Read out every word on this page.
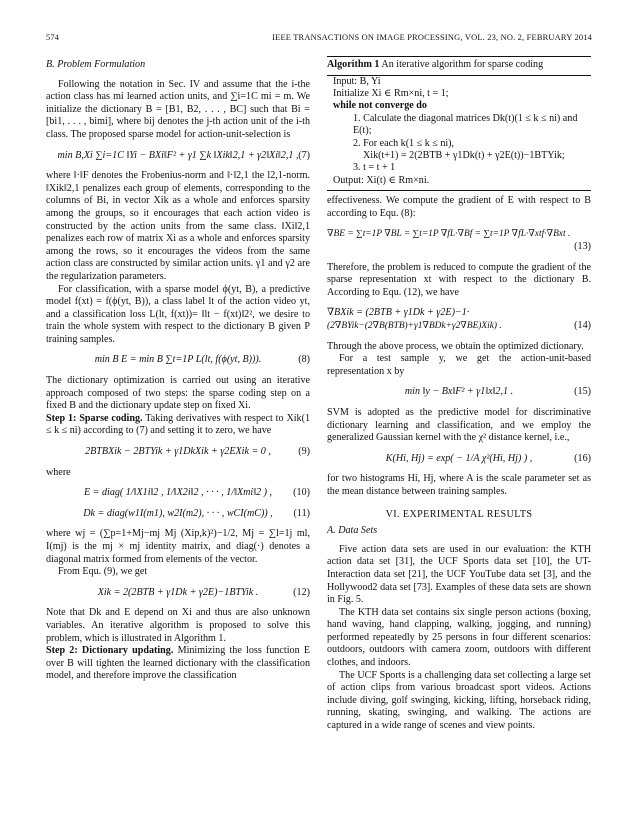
574	IEEE TRANSACTIONS ON IMAGE PROCESSING, VOL. 23, NO. 2, FEBRUARY 2014
B. Problem Formulation

Following the notation in Sec. IV and assume that the i-the action class has mi learned action units, and ∑i=1C mi = m. We initialize the dictionary B = [B1, B2, . . . , BC] such that Bi = [bi1, . . . , bimi], where bij denotes the j-th action unit of the i-th class. The proposed sparse model for action-unit-selection is

min B,Xi ∑i=1C ‖Yi − BXi‖F² + γ1 ∑k ‖Xik‖2,1 + γ2‖Xi‖2,1 , (7)

where ‖·‖F denotes the Frobenius-norm and ‖·‖2,1 the l2,1-norm. ‖Xik‖2,1 penalizes each group of elements, corresponding to the columns of Bi, in vector Xik as a whole and enforces sparsity among the groups, so it encourages that each action video is constructed by the action units from the same class. ‖Xi‖2,1 penalizes each row of matrix Xi as a whole and enforces sparsity among the rows, so it encourages the videos from the same action class are constructed by similar action units. γ1 and γ2 are the regularization parameters.

For classification, with a sparse model ϕ(yt, B), a predictive model f(xt) = f(ϕ(yt, B)), a class label lt of the action video yt, and a classification loss L(lt, f(xt))= ‖lt − f(xt)‖2², we desire to train the whole system with respect to the dictionary B given P training samples.

min B E = min B ∑t=1P L(lt, f(ϕ(yt, B))).	(8)

The dictionary optimization is carried out using an iterative approach composed of two steps: the sparse coding step on a fixed B and the dictionary update step on fixed Xi.

Step 1: Sparse coding. Taking derivatives with respect to Xik(1 ≤ k ≤ ni) according to (7) and setting it to zero, we have

2BTBXik − 2BTYik + γ1DkXik + γ2EXik = 0 ,	(9)

where

E = diag( 1/‖X1i‖2 , 1/‖X2i‖2 , · · · , 1/‖Xmi‖2 ) , (10)
Dk = diag(w1I(m1), w2I(m2), · · · , wCI(mC)) , (11)

where wj = (∑p=1+Mj−mj Mj (Xip,k)²)−1/2, Mj = ∑l=1j ml, I(mj) is the mj × mj identity matrix, and diag(·) denotes a diagonal matrix formed from elements of the vector.

From Equ. (9), we get

Xik = 2(2BTB + γ1Dk + γ2E)−1BTYik .	(12)

Note that Dk and E depend on Xi and thus are also unknown variables. An iterative algorithm is proposed to solve this problem, which is illustrated in Algorithm 1.

Step 2: Dictionary updating. Minimizing the loss function E over B will tighten the learned dictionary with the classification model, and therefore improve the classification

Algorithm 1 An iterative algorithm for sparse coding
Input: B, Yi
Initialize Xi ∈ Rm×ni, t = 1;
while not converge do
1. Calculate the diagonal matrices Dk(t)(1 ≤ k ≤ ni) and
E(t);
2. For each k(1 ≤ k ≤ ni),
Xik(t+1) = 2(2BTB + γ1Dk(t) + γ2E(t))−1BTYik;
3. t = t + 1
Output: Xi(t) ∈ Rm×ni.

effectiveness. We compute the gradient of E with respect to B according to Equ. (8):

∇BE = ∑t=1P ∇BL = ∑t=1P ∇fL·∇Bf = ∑t=1P ∇fL·∇xtf·∇Bxt .
(13)

Therefore, the problem is reduced to compute the gradient of the sparse representation xt with respect to the dictionary B. According to Equ. (12), we have

∇BXik = (2BTB + γ1Dk + γ2E)−1·
(2∇BYik−(2∇B(BTB)+γ1∇BDk+γ2∇BE)Xik) .	(14)

Through the above process, we obtain the optimized dictionary.

For a test sample y, we get the action-unit-based representation x by

min ‖y − Bx‖F² + γ1‖x‖2,1 .	(15)

SVM is adopted as the predictive model for discriminative dictionary learning and classification, and we employ the generalized Gaussian kernel with the χ² distance kernel, i.e.,

K(Hi, Hj) = exp( − 1/A χ²(Hi, Hj) ) ,	(16)

for two histograms Hi, Hj, where A is the scale parameter set as the mean distance between training samples.

VI. EXPERIMENTAL RESULTS
A. Data Sets

Five action data sets are used in our evaluation: the KTH action data set [31], the UCF Sports data set [10], the UT-Interaction data set [21], the UCF YouTube data set [3], and the Hollywood2 data set [73]. Examples of these data sets are shown in Fig. 5.

The KTH data set contains six single person actions (boxing, hand waving, hand clapping, walking, jogging, and running) performed repeatedly by 25 persons in four different scenarios: outdoors, outdoors with camera zoom, outdoors with different clothes, and indoors.

The UCF Sports is a challenging data set collecting a large set of action clips from various broadcast sport videos. Actions include diving, golf swinging, kicking, lifting, horseback riding, running, skating, swinging, and walking. The actions are captured in a wide range of scenes and view points.
